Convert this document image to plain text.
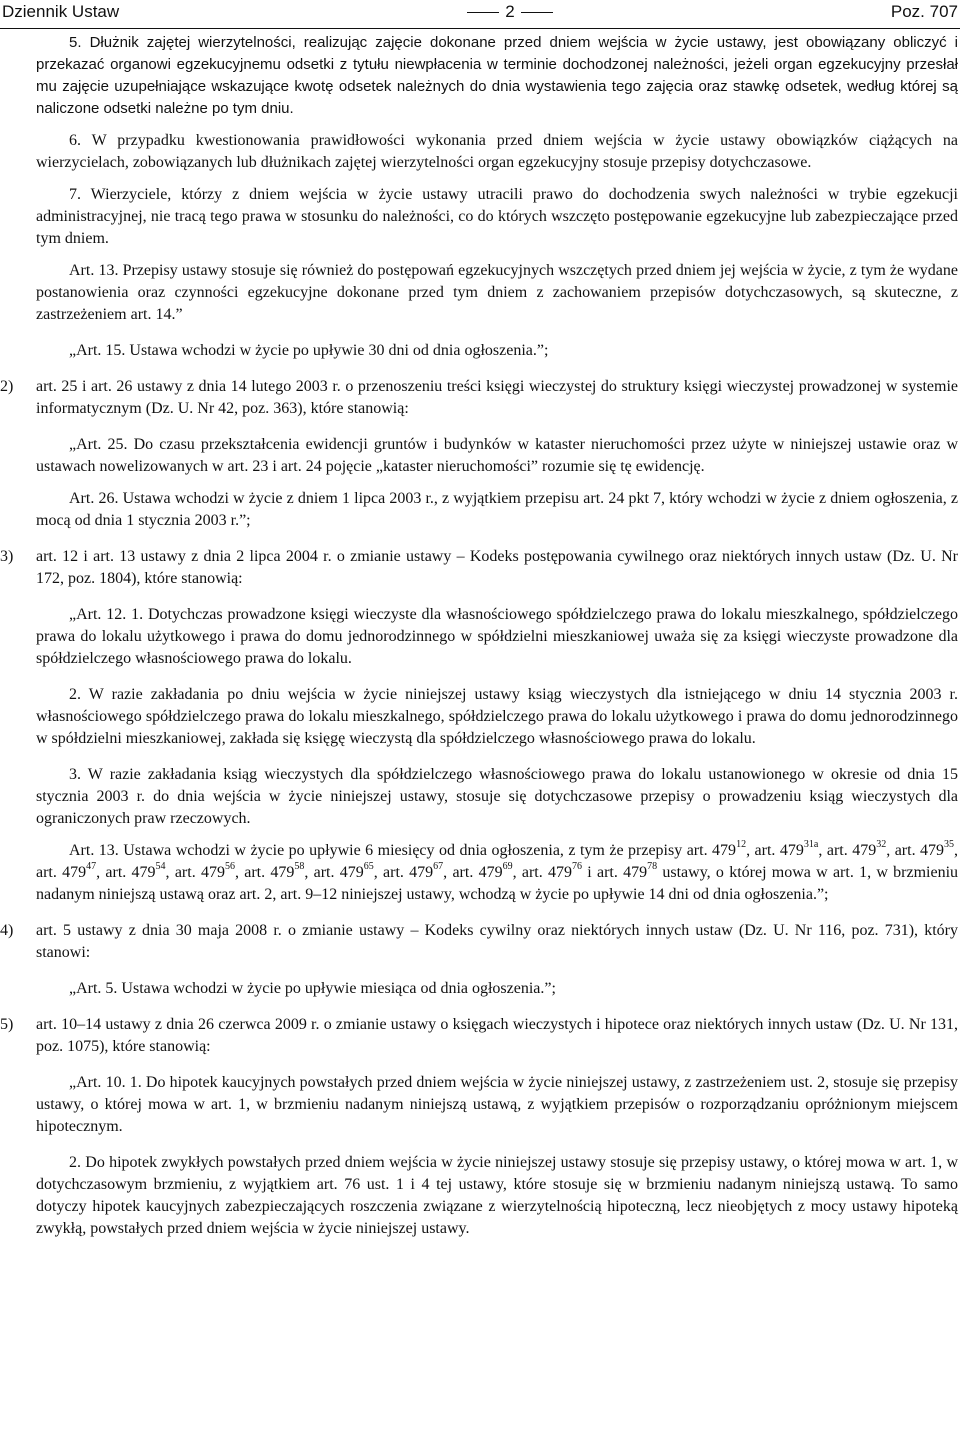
Dziennik Ustaw	2	Poz. 707

5. Dłużnik zajętej wierzytelności, realizując zajęcie dokonane przed dniem wejścia w życie ustawy, jest obowiązany obliczyć i przekazać organowi egzekucyjnemu odsetki z tytułu niewpłacenia w terminie dochodzonej należności, jeżeli organ egzekucyjny przesłał mu zajęcie uzupełniające wskazujące kwotę odsetek należnych do dnia wystawienia tego zajęcia oraz stawkę odsetek, według której są naliczone odsetki należne po tym dniu.

6. W przypadku kwestionowania prawidłowości wykonania przed dniem wejścia w życie ustawy obowiązków ciążących na wierzycielach, zobowiązanych lub dłużnikach zajętej wierzytelności organ egzekucyjny stosuje przepisy dotychczasowe.

7. Wierzyciele, którzy z dniem wejścia w życie ustawy utracili prawo do dochodzenia swych należności w trybie egzekucji administracyjnej, nie tracą tego prawa w stosunku do należności, co do których wszczęto postępowanie egzekucyjne lub zabezpieczające przed tym dniem.

Art. 13. Przepisy ustawy stosuje się również do postępowań egzekucyjnych wszczętych przed dniem jej wejścia w życie, z tym że wydane postanowienia oraz czynności egzekucyjne dokonane przed tym dniem z zachowaniem przepisów dotychczasowych, są skuteczne, z zastrzeżeniem art. 14.”

„Art. 15. Ustawa wchodzi w życie po upływie 30 dni od dnia ogłoszenia.”;

2) art. 25 i art. 26 ustawy z dnia 14 lutego 2003 r. o przenoszeniu treści księgi wieczystej do struktury księgi wieczystej prowadzonej w systemie informatycznym (Dz. U. Nr 42, poz. 363), które stanowią:

„Art. 25. Do czasu przekształcenia ewidencji gruntów i budynków w kataster nieruchomości przez użyte w niniejszej ustawie oraz w ustawach nowelizowanych w art. 23 i art. 24 pojęcie „kataster nieruchomości” rozumie się tę ewidencję.

Art. 26. Ustawa wchodzi w życie z dniem 1 lipca 2003 r., z wyjątkiem przepisu art. 24 pkt 7, który wchodzi w życie z dniem ogłoszenia, z mocą od dnia 1 stycznia 2003 r.”;

3) art. 12 i art. 13 ustawy z dnia 2 lipca 2004 r. o zmianie ustawy – Kodeks postępowania cywilnego oraz niektórych innych ustaw (Dz. U. Nr 172, poz. 1804), które stanowią:

„Art. 12. 1. Dotychczas prowadzone księgi wieczyste dla własnościowego spółdzielczego prawa do lokalu mieszkalnego, spółdzielczego prawa do lokalu użytkowego i prawa do domu jednorodzinnego w spółdzielni mieszkaniowej uważa się za księgi wieczyste prowadzone dla spółdzielczego własnościowego prawa do lokalu.

2. W razie zakładania po dniu wejścia w życie niniejszej ustawy ksiąg wieczystych dla istniejącego w dniu 14 stycznia 2003 r. własnościowego spółdzielczego prawa do lokalu mieszkalnego, spółdzielczego prawa do lokalu użytkowego i prawa do domu jednorodzinnego w spółdzielni mieszkaniowej, zakłada się księgę wieczystą dla spółdzielczego własnościowego prawa do lokalu.

3. W razie zakładania ksiąg wieczystych dla spółdzielczego własnościowego prawa do lokalu ustanowionego w okresie od dnia 15 stycznia 2003 r. do dnia wejścia w życie niniejszej ustawy, stosuje się dotychczasowe przepisy o prowadzeniu ksiąg wieczystych dla ograniczonych praw rzeczowych.

Art. 13. Ustawa wchodzi w życie po upływie 6 miesięcy od dnia ogłoszenia, z tym że przepisy art. $479^{12}$, art. $479^{31a}$, art. $479^{32}$, art. $479^{35}$, art. $479^{47}$, art. $479^{54}$, art. $479^{56}$, art. $479^{58}$, art. $479^{65}$, art. $479^{67}$, art. $479^{69}$, art. $479^{76}$ i art. $479^{78}$ ustawy, o której mowa w art. 1, w brzmieniu nadanym niniejszą ustawą oraz art. 2, art. 9–12 niniejszej ustawy, wchodzą w życie po upływie 14 dni od dnia ogłoszenia.”;

4) art. 5 ustawy z dnia 30 maja 2008 r. o zmianie ustawy – Kodeks cywilny oraz niektórych innych ustaw (Dz. U. Nr 116, poz. 731), który stanowi:

„Art. 5. Ustawa wchodzi w życie po upływie miesiąca od dnia ogłoszenia.”;

5) art. 10–14 ustawy z dnia 26 czerwca 2009 r. o zmianie ustawy o księgach wieczystych i hipotece oraz niektórych innych ustaw (Dz. U. Nr 131, poz. 1075), które stanowią:

„Art. 10. 1. Do hipotek kaucyjnych powstałych przed dniem wejścia w życie niniejszej ustawy, z zastrzeżeniem ust. 2, stosuje się przepisy ustawy, o której mowa w art. 1, w brzmieniu nadanym niniejszą ustawą, z wyjątkiem przepisów o rozporządzaniu opróżnionym miejscem hipotecznym.

2. Do hipotek zwykłych powstałych przed dniem wejścia w życie niniejszej ustawy stosuje się przepisy ustawy, o której mowa w art. 1, w dotychczasowym brzmieniu, z wyjątkiem art. 76 ust. 1 i 4 tej ustawy, które stosuje się w brzmieniu nadanym niniejszą ustawą. To samo dotyczy hipotek kaucyjnych zabezpieczających roszczenia związane z wierzytelnością hipoteczną, lecz nieobjętych z mocy ustawy hipoteką zwykłą, powstałych przed dniem wejścia w życie niniejszej ustawy.
